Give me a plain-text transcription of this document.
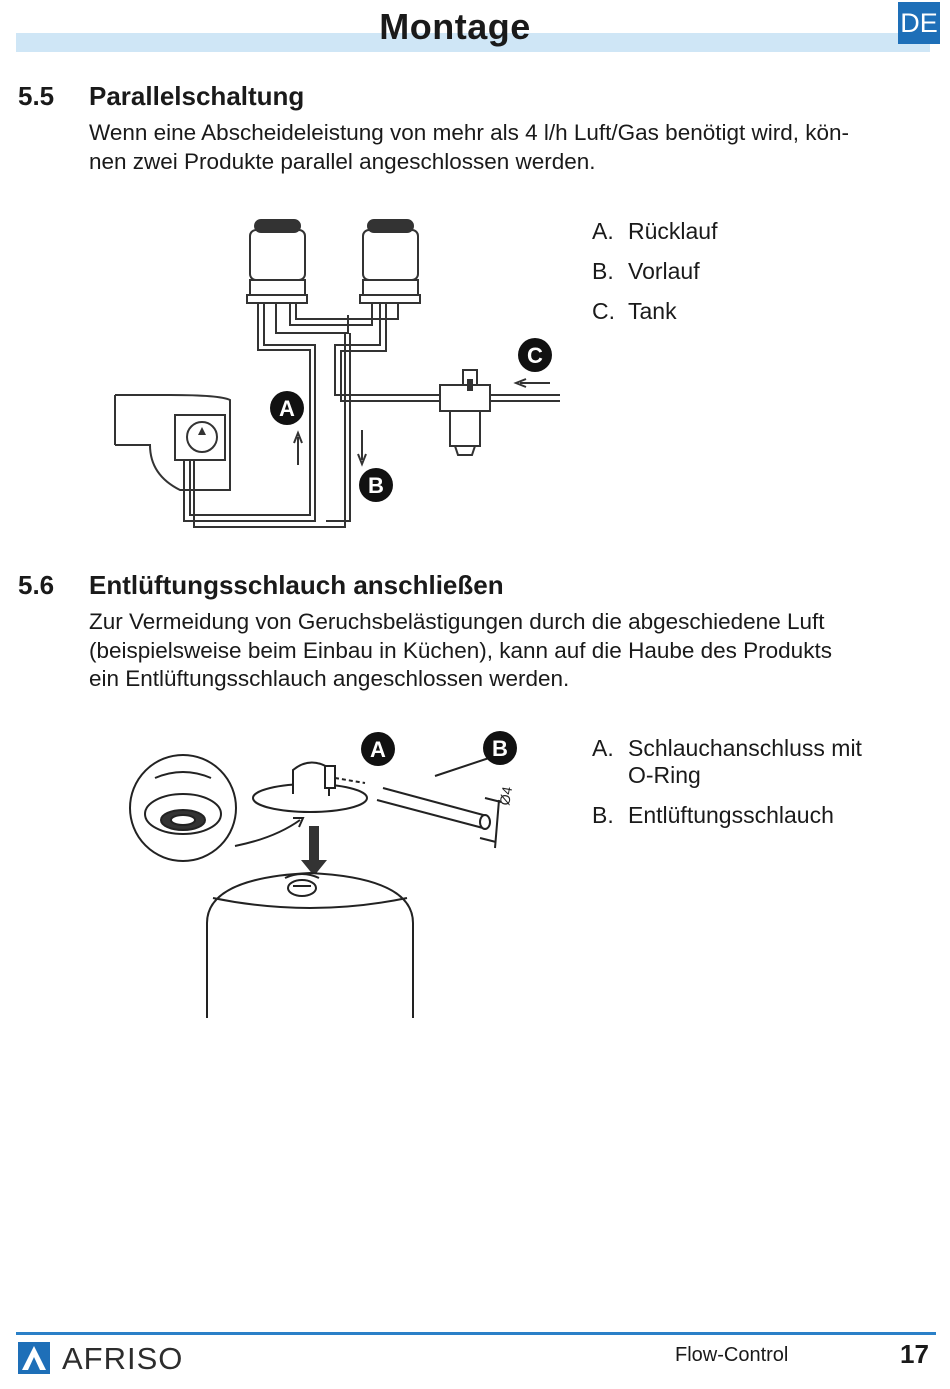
Montage	DE
5.5 Parallelschaltung

Wenn eine Abscheideleistung von mehr als 4 l/h Luft/Gas benötigt wird, kön-
nen zwei Produkte parallel angeschlossen werden.

A
B
C
A. Rücklauf
B. Vorlauf
C. Tank
5.6 Entlüftungsschlauch anschließen

Zur Vermeidung von Geruchsbelästigungen durch die abgeschiedene Luft
(beispielsweise beim Einbau in Küchen), kann auf die Haube des Produkts
ein Entlüftungsschlauch angeschlossen werden.

Ø4
A	B	A. Schlauchanschluss mit
O-Ring
B. Entlüftungsschlauch
AFRISO	Flow-Control	17
